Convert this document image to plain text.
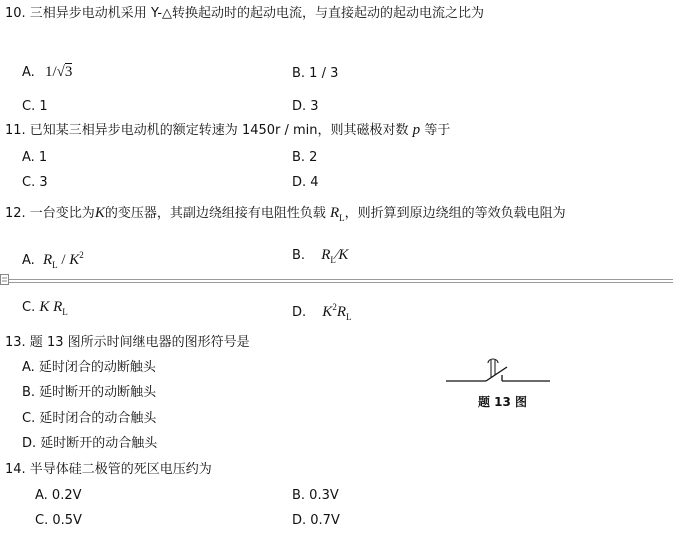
10. 三相异步电动机采用 Y-△转换起动时的起动电流，与直接起动的起动电流之比为
A. 1/√3	B. 1 / 3
C. 1	D. 3
11. 已知某三相异步电动机的额定转速为 1450r / min，则其磁极对数 p 等于
A. 1	B. 2
C. 3	D. 4
12. 一台变比为K的变压器，其副边绕组接有电阻性负载 $R_L$，则折算到原边绕组的等效负载电阻为
A. $R_L / K^2$	B. $R_L∕K$
C. K $R_L$	D. $K^2R_L$
13. 题 13 图所示时间继电器的图形符号是
A. 延时闭合的动断触头
B. 延时断开的动断触头
C. 延时闭合的动合触头
D. 延时断开的动合触头
题 13 图
14. 半导体硅二极管的死区电压约为
A. 0.2V	B. 0.3V
C. 0.5V	D. 0.7V
